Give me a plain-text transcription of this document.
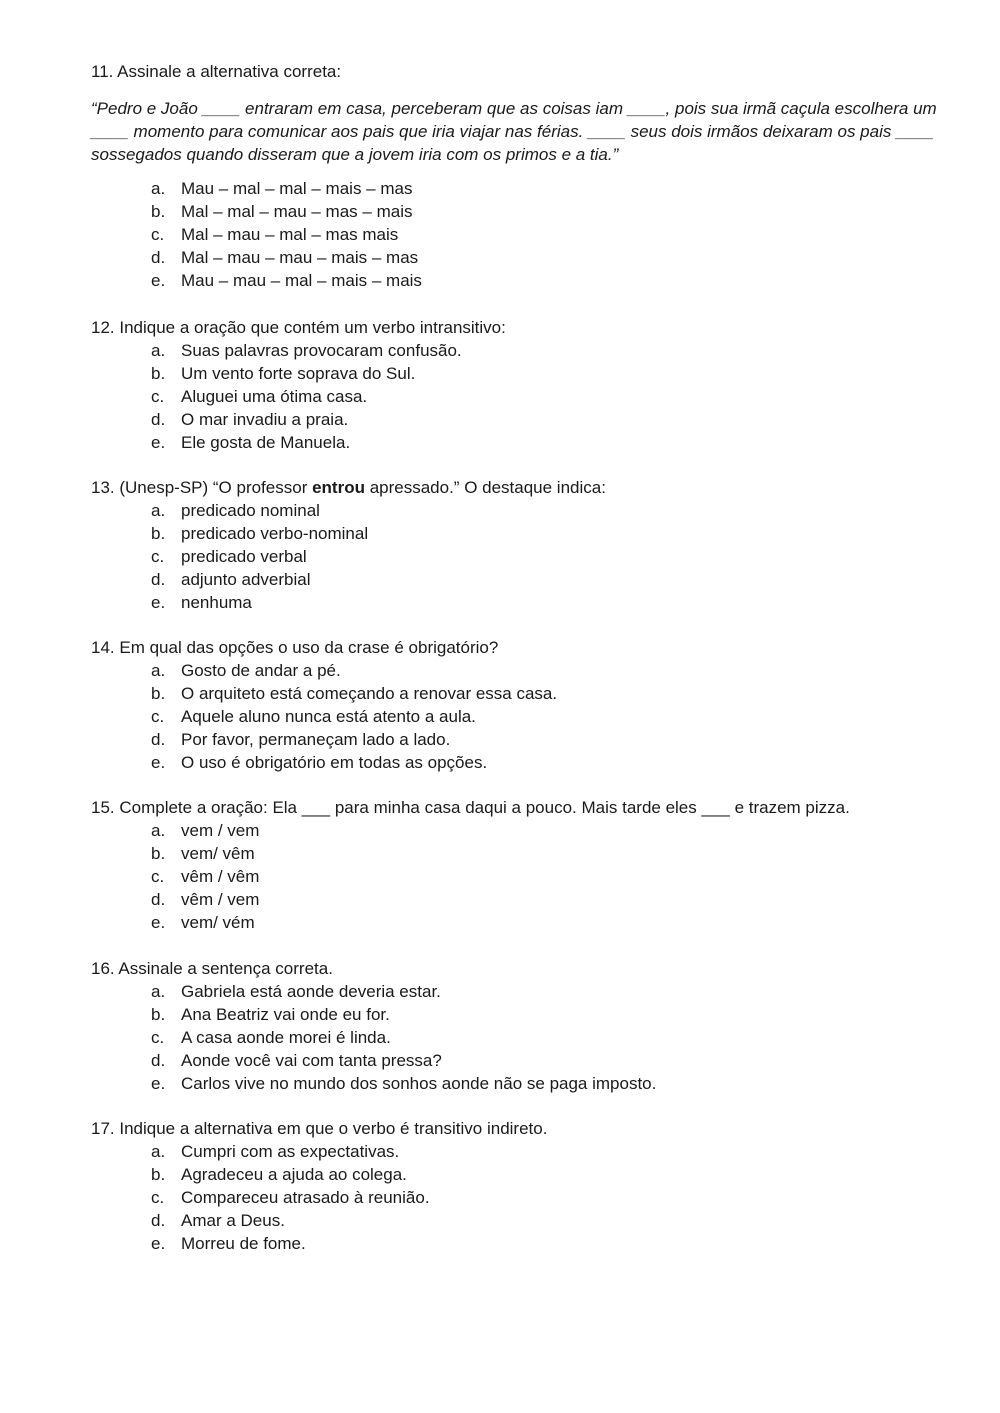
11. Assinale a alternativa correta:

“Pedro e João ____ entraram em casa, perceberam que as coisas iam ____, pois sua irmã caçula escolhera um ____ momento para comunicar aos pais que iria viajar nas férias. ____ seus dois irmãos deixaram os pais ____ sossegados quando disseram que a jovem iria com os primos e a tia.”

a. Mau – mal – mal – mais – mas
b. Mal – mal – mau – mas – mais
c. Mal – mau – mal – mas mais
d. Mal – mau – mau – mais – mas
e. Mau – mau – mal – mais – mais

12. Indique a oração que contém um verbo intransitivo:

a. Suas palavras provocaram confusão.
b. Um vento forte soprava do Sul.
c. Aluguei uma ótima casa.
d. O mar invadiu a praia.
e. Ele gosta de Manuela.

13. (Unesp-SP) “O professor entrou apressado.” O destaque indica:

a. predicado nominal
b. predicado verbo-nominal
c. predicado verbal
d. adjunto adverbial
e. nenhuma

14. Em qual das opções o uso da crase é obrigatório?

a. Gosto de andar a pé.
b. O arquiteto está começando a renovar essa casa.
c. Aquele aluno nunca está atento a aula.
d. Por favor, permaneçam lado a lado.
e. O uso é obrigatório em todas as opções.

15. Complete a oração: Ela ___ para minha casa daqui a pouco. Mais tarde eles ___ e trazem pizza.

a. vem / vem
b. vem/ vêm
c. vêm / vêm
d. vêm / vem
e. vem/ vém

16. Assinale a sentença correta.

a. Gabriela está aonde deveria estar.
b. Ana Beatriz vai onde eu for.
c. A casa aonde morei é linda.
d. Aonde você vai com tanta pressa?
e. Carlos vive no mundo dos sonhos aonde não se paga imposto.

17. Indique a alternativa em que o verbo é transitivo indireto.

a. Cumpri com as expectativas.
b. Agradeceu a ajuda ao colega.
c. Compareceu atrasado à reunião.
d. Amar a Deus.
e. Morreu de fome.
